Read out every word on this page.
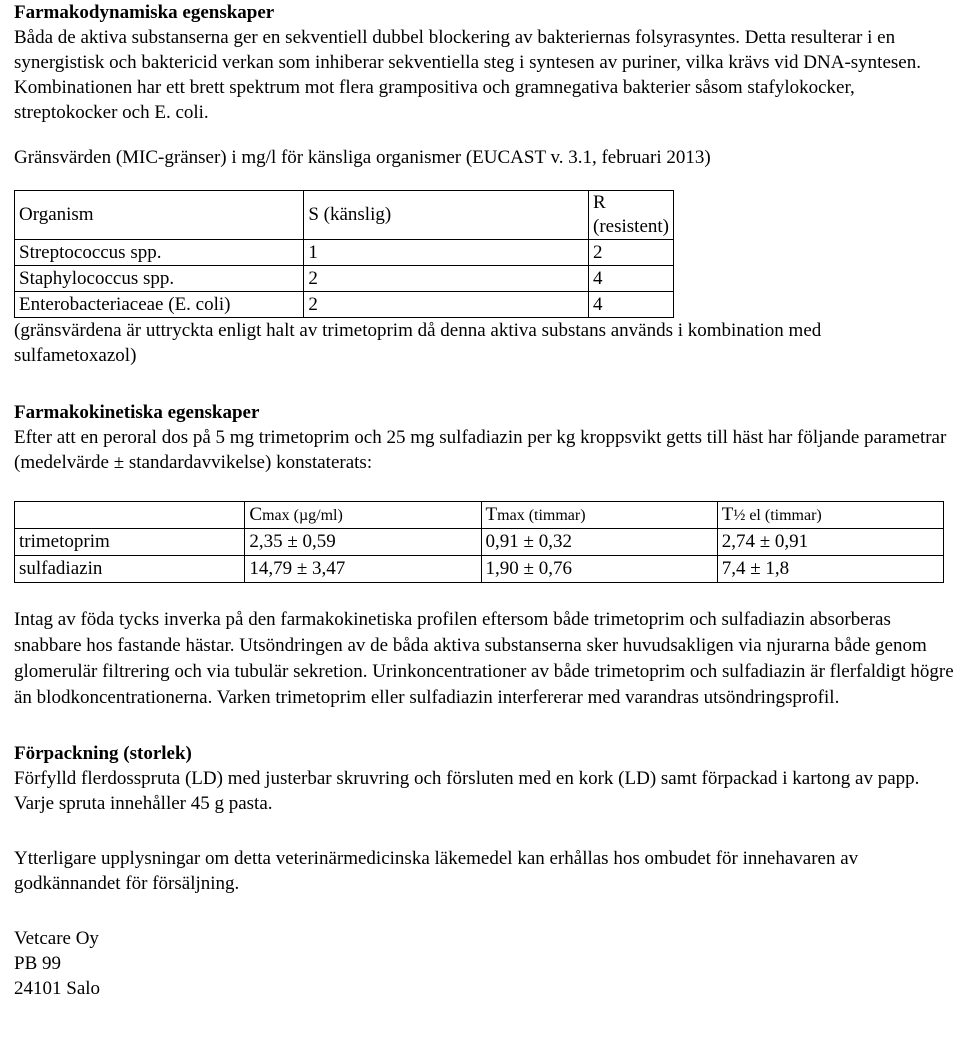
Farmakodynamiska egenskaper

Båda de aktiva substanserna ger en sekventiell dubbel blockering av bakteriernas folsyrasyntes. Detta resulterar i en synergistisk och baktericid verkan som inhiberar sekventiella steg i syntesen av puriner, vilka krävs vid DNA-syntesen. Kombinationen har ett brett spektrum mot flera grampositiva och gramnegativa bakterier såsom stafylokocker, streptokocker och E. coli.

Gränsvärden (MIC-gränser) i mg/l för känsliga organismer (EUCAST v. 3.1, februari 2013)

Organism	S (känslig)	R (resistent)
Streptococcus spp.	1	2
Staphylococcus spp.	2	4
Enterobacteriaceae (E. coli)	2	4

(gränsvärdena är uttryckta enligt halt av trimetoprim då denna aktiva substans används i kombination med sulfametoxazol)

Farmakokinetiska egenskaper

Efter att en peroral dos på 5 mg trimetoprim och 25 mg sulfadiazin per kg kroppsvikt getts till häst har följande parametrar (medelvärde ± standardavvikelse) konstaterats:

	Cmax (µg/ml)	Tmax (timmar)	T½ el (timmar)
trimetoprim	2,35 ± 0,59	0,91 ± 0,32	2,74 ± 0,91
sulfadiazin	14,79 ± 3,47	1,90 ± 0,76	7,4 ± 1,8

Intag av föda tycks inverka på den farmakokinetiska profilen eftersom både trimetoprim och sulfadiazin absorberas snabbare hos fastande hästar. Utsöndringen av de båda aktiva substanserna sker huvudsakligen via njurarna både genom glomerulär filtrering och via tubulär sekretion. Urinkoncentrationer av både trimetoprim och sulfadiazin är flerfaldigt högre än blodkoncentrationerna. Varken trimetoprim eller sulfadiazin interfererar med varandras utsöndringsprofil.

Förpackning (storlek)

Förfylld flerdosspruta (LD) med justerbar skruvring och försluten med en kork (LD) samt förpackad i kartong av papp. Varje spruta innehåller 45 g pasta.

Ytterligare upplysningar om detta veterinärmedicinska läkemedel kan erhållas hos ombudet för innehavaren av godkännandet för försäljning.

Vetcare Oy

PB 99

24101 Salo
